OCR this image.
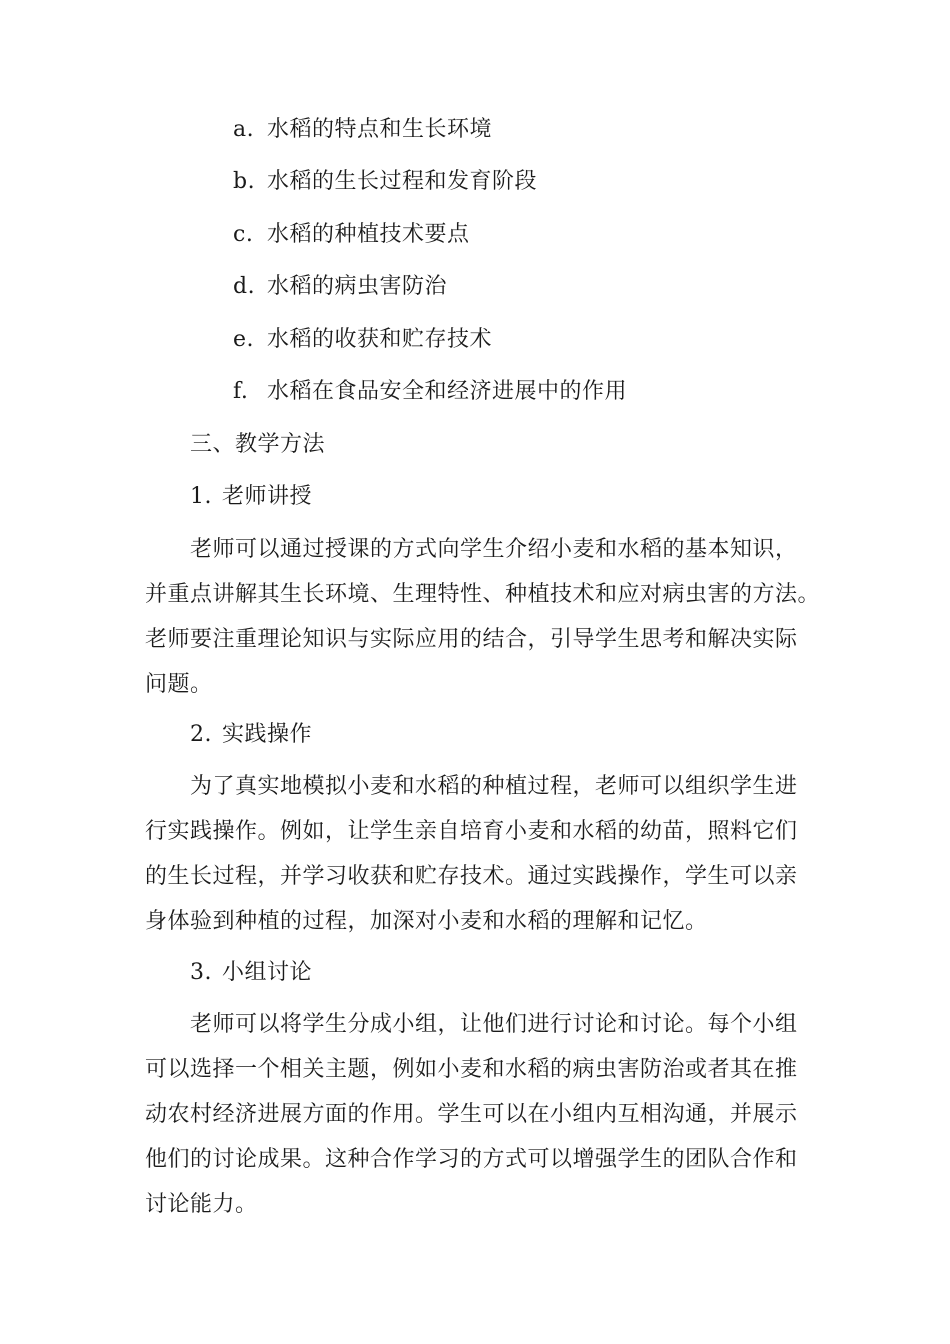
a. 水稻的特点和生长环境
b. 水稻的生长过程和发育阶段
c. 水稻的种植技术要点
d. 水稻的病虫害防治
e. 水稻的收获和贮存技术
f. 水稻在食品安全和经济进展中的作用
三、教学方法
1. 老师讲授
老师可以通过授课的方式向学生介绍小麦和水稻的基本知识，
并重点讲解其生长环境、生理特性、种植技术和应对病虫害的方法。
老师要注重理论知识与实际应用的结合，引导学生思考和解决实际
问题。
2. 实践操作
为了真实地模拟小麦和水稻的种植过程，老师可以组织学生进
行实践操作。例如，让学生亲自培育小麦和水稻的幼苗，照料它们
的生长过程，并学习收获和贮存技术。通过实践操作，学生可以亲
身体验到种植的过程，加深对小麦和水稻的理解和记忆。
3. 小组讨论
老师可以将学生分成小组，让他们进行讨论和讨论。每个小组
可以选择一个相关主题，例如小麦和水稻的病虫害防治或者其在推
动农村经济进展方面的作用。学生可以在小组内互相沟通，并展示
他们的讨论成果。这种合作学习的方式可以增强学生的团队合作和
讨论能力。
